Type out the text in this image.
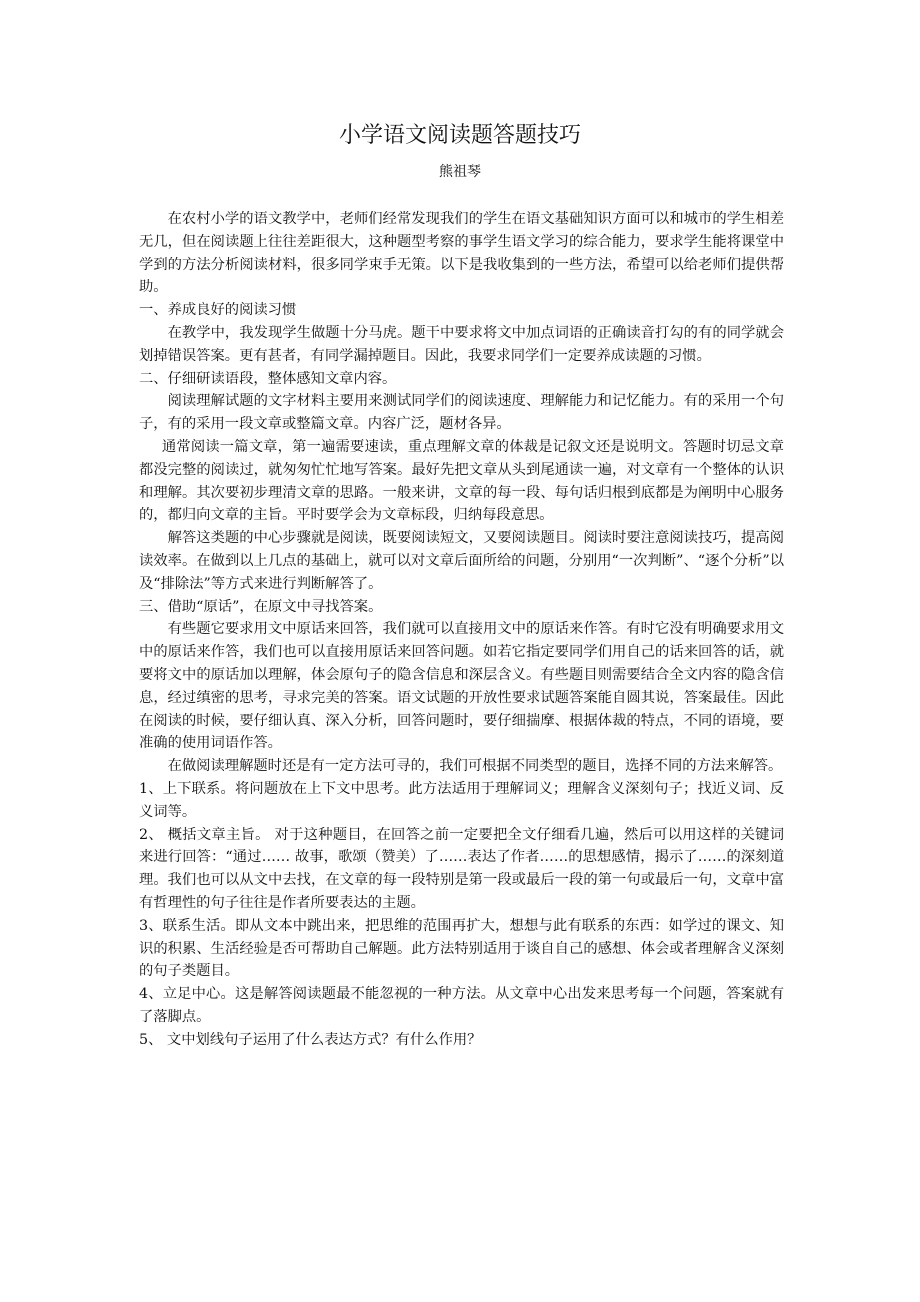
小学语文阅读题答题技巧
熊祖琴

在农村小学的语文教学中，老师们经常发现我们的学生在语文基础知识方面可以和城市的学生相差无几，但在阅读题上往往差距很大，这种题型考察的事学生语文学习的综合能力，要求学生能将课堂中学到的方法分析阅读材料，很多同学束手无策。以下是我收集到的一些方法，希望可以给老师们提供帮助。

一、养成良好的阅读习惯

在教学中，我发现学生做题十分马虎。题干中要求将文中加点词语的正确读音打勾的有的同学就会划掉错误答案。更有甚者，有同学漏掉题目。因此，我要求同学们一定要养成读题的习惯。

二、仔细研读语段，整体感知文章内容。

阅读理解试题的文字材料主要用来测试同学们的阅读速度、理解能力和记忆能力。有的采用一个句子，有的采用一段文章或整篇文章。内容广泛，题材各异。

通常阅读一篇文章，第一遍需要速读，重点理解文章的体裁是记叙文还是说明文。答题时切忌文章都没完整的阅读过，就匆匆忙忙地写答案。最好先把文章从头到尾通读一遍，对文章有一个整体的认识和理解。其次要初步理清文章的思路。一般来讲，文章的每一段、每句话归根到底都是为阐明中心服务的，都归向文章的主旨。平时要学会为文章标段，归纳每段意思。

解答这类题的中心步骤就是阅读，既要阅读短文，又要阅读题目。阅读时要注意阅读技巧，提高阅读效率。在做到以上几点的基础上，就可以对文章后面所给的问题，分别用“一次判断”、“逐个分析”以及“排除法”等方式来进行判断解答了。

三、借助“原话”，在原文中寻找答案。

有些题它要求用文中原话来回答，我们就可以直接用文中的原话来作答。有时它没有明确要求用文中的原话来作答，我们也可以直接用原话来回答问题。如若它指定要同学们用自己的话来回答的话，就要将文中的原话加以理解，体会原句子的隐含信息和深层含义。有些题目则需要结合全文内容的隐含信息，经过缜密的思考，寻求完美的答案。语文试题的开放性要求试题答案能自圆其说，答案最佳。因此在阅读的时候，要仔细认真、深入分析，回答问题时，要仔细揣摩、根据体裁的特点，不同的语境，要准确的使用词语作答。

在做阅读理解题时还是有一定方法可寻的，我们可根据不同类型的题目，选择不同的方法来解答。

1、上下联系。将问题放在上下文中思考。此方法适用于理解词义；理解含义深刻句子；找近义词、反义词等。

2、 概括文章主旨。 对于这种题目，在回答之前一定要把全文仔细看几遍，然后可以用这样的关键词来进行回答：“通过…… 故事，歌颂（赞美）了……表达了作者……的思想感情，揭示了……的深刻道理。我们也可以从文中去找，在文章的每一段特别是第一段或最后一段的第一句或最后一句，文章中富有哲理性的句子往往是作者所要表达的主题。

3、联系生活。即从文本中跳出来，把思维的范围再扩大，想想与此有联系的东西：如学过的课文、知识的积累、生活经验是否可帮助自己解题。此方法特别适用于谈自自己的感想、体会或者理解含义深刻的句子类题目。

4、立足中心。这是解答阅读题最不能忽视的一种方法。从文章中心出发来思考每一个问题，答案就有了落脚点。

5、 文中划线句子运用了什么表达方式？有什么作用？
